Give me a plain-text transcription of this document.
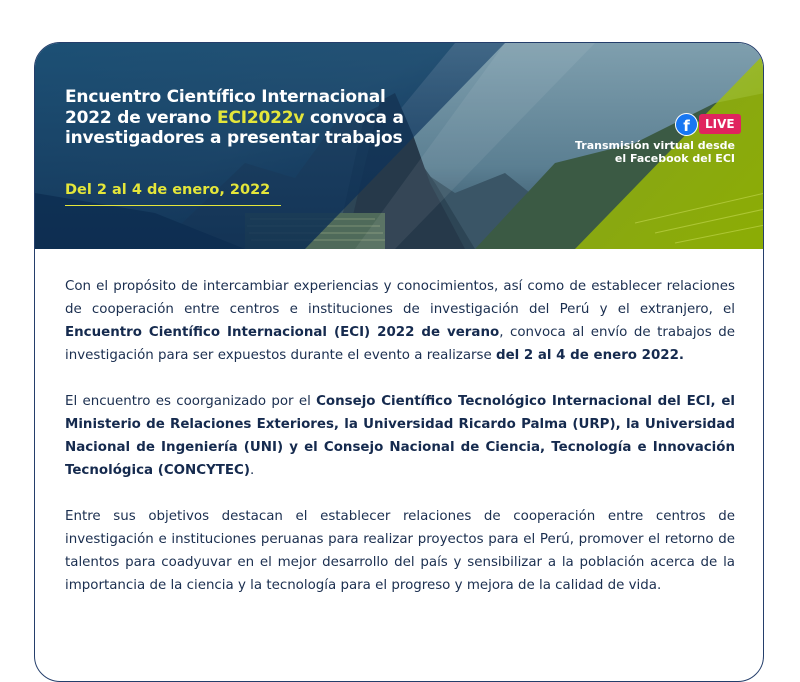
Encuentro Científico Internacional 2022 de verano ECI2022v convoca a investigadores a presentar trabajos
Del 2 al 4 de enero, 2022
f	LIVE
Transmisión virtual desde el Facebook del ECI

Con el propósito de intercambiar experiencias y conocimientos, así como de establecer relaciones de cooperación entre centros e instituciones de investigación del Perú y el extranjero, el Encuentro Científico Internacional (ECI) 2022 de verano, convoca al envío de trabajos de investigación para ser expuestos durante el evento a realizarse del 2 al 4 de enero 2022.

El encuentro es coorganizado por el Consejo Científico Tecnológico Internacional del ECI, el Ministerio de Relaciones Exteriores, la Universidad Ricardo Palma (URP), la Universidad Nacional de Ingeniería (UNI) y el Consejo Nacional de Ciencia, Tecnología e Innovación Tecnológica (CONCYTEC).

Entre sus objetivos destacan el establecer relaciones de cooperación entre centros de investigación e instituciones peruanas para realizar proyectos para el Perú, promover el retorno de talentos para coadyuvar en el mejor desarrollo del país y sensibilizar a la población acerca de la importancia de la ciencia y la tecnología para el progreso y mejora de la calidad de vida.
